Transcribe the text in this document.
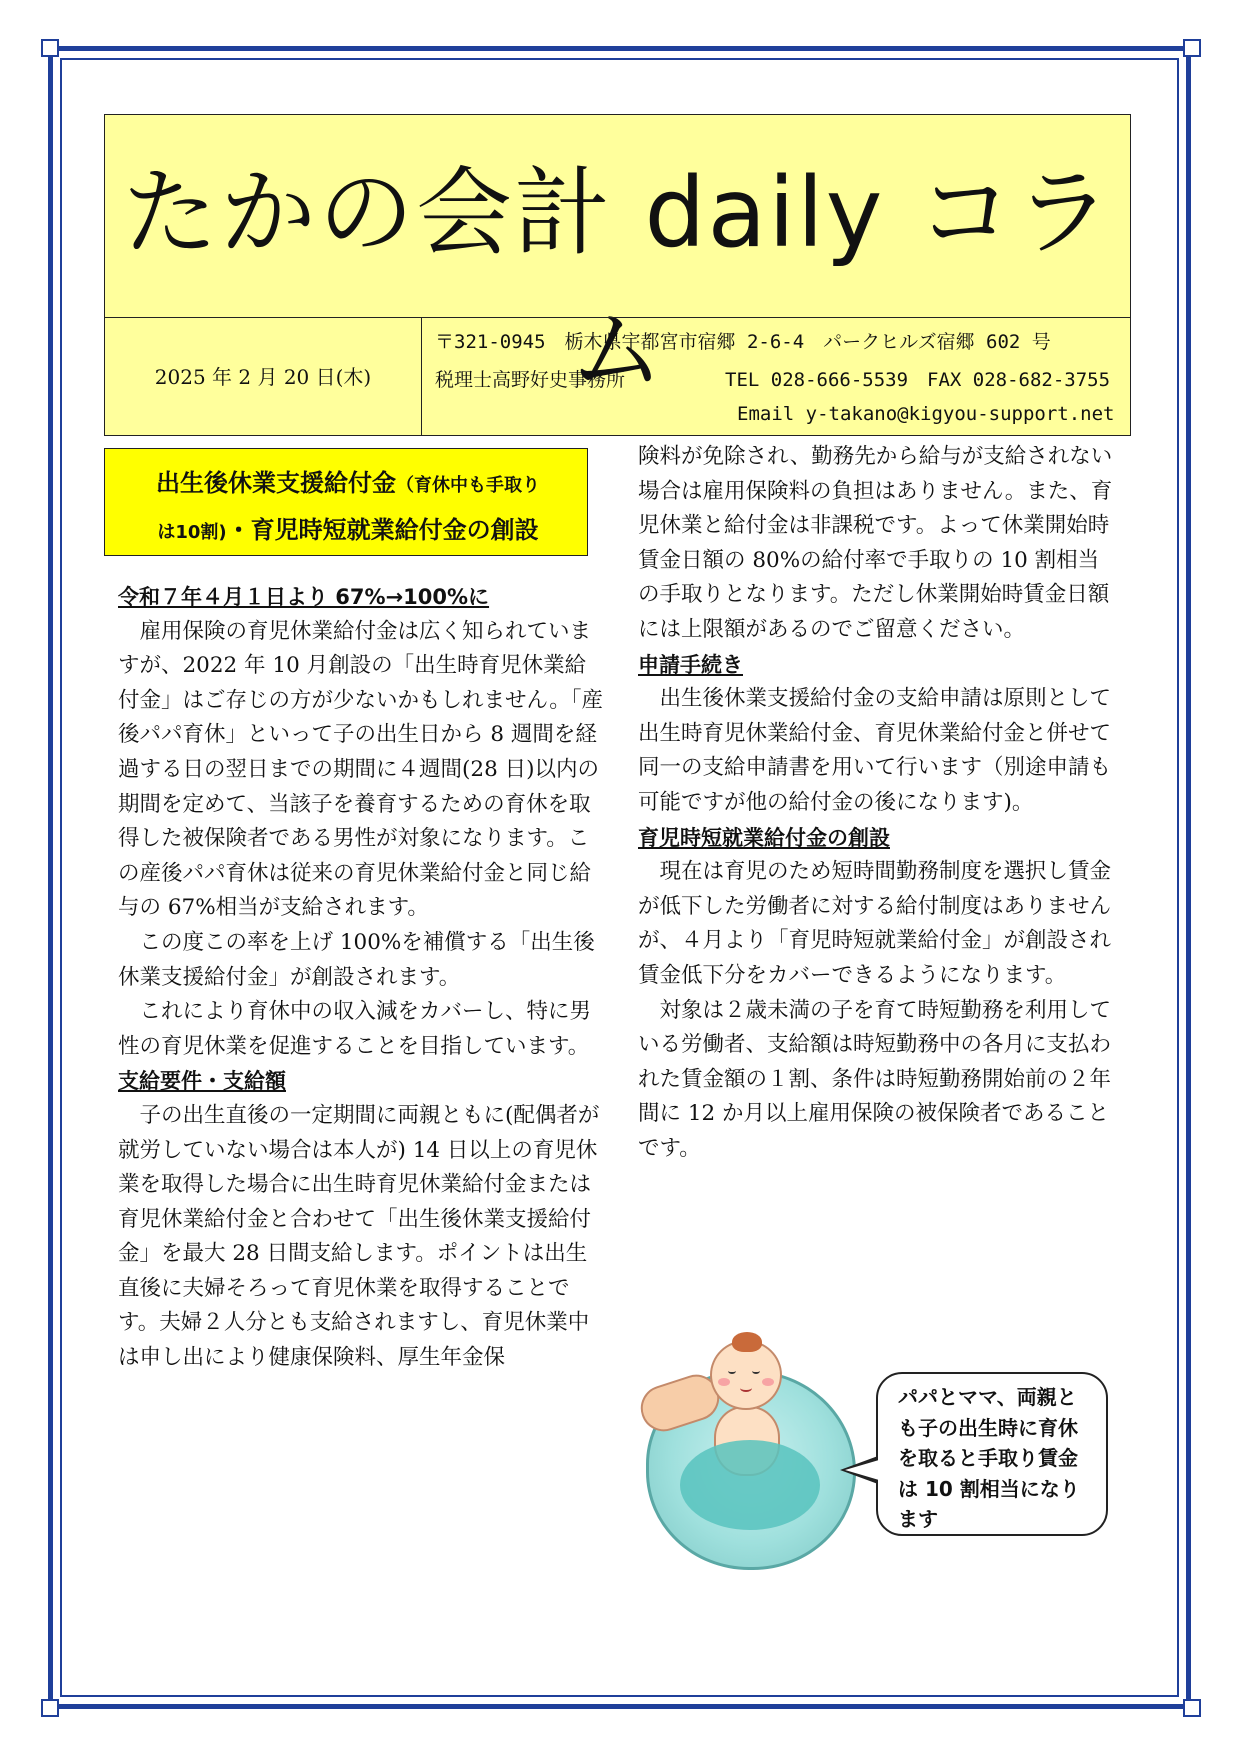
たかの会計 daily コラム
2025 年 2 月 20 日(木)
〒321-0945　栃木県宇都宮市宿郷 2-6-4　パークヒルズ宿郷 602 号
税理士高野好史事務所	TEL 028-666-5539　FAX 028-682-3755
Email y-takano@kigyou-support.net
出生後休業支援給付金（育休中も手取り
は10割)・育児時短就業給付金の創設

令和７年４月１日より 67%→100%に

雇用保険の育児休業給付金は広く知られていますが、2022 年 10 月創設の「出生時育児休業給付金」はご存じの方が少ないかもしれません。「産後パパ育休」といって子の出生日から 8 週間を経過する日の翌日までの期間に４週間(28 日)以内の期間を定めて、当該子を養育するための育休を取得した被保険者である男性が対象になります。この産後パパ育休は従来の育児休業給付金と同じ給与の 67%相当が支給されます。

この度この率を上げ 100%を補償する「出生後休業支援給付金」が創設されます。

これにより育休中の収入減をカバーし、特に男性の育児休業を促進することを目指しています。

支給要件・支給額

子の出生直後の一定期間に両親ともに(配偶者が就労していない場合は本人が) 14 日以上の育児休業を取得した場合に出生時育児休業給付金または育児休業給付金と合わせて「出生後休業支援給付金」を最大 28 日間支給します。ポイントは出生直後に夫婦そろって育児休業を取得することです。夫婦２人分とも支給されますし、育児休業中は申し出により健康保険料、厚生年金保

険料が免除され、勤務先から給与が支給されない場合は雇用保険料の負担はありません。また、育児休業と給付金は非課税です。よって休業開始時賃金日額の 80%の給付率で手取りの 10 割相当の手取りとなります。ただし休業開始時賃金日額には上限額があるのでご留意ください。

申請手続き

出生後休業支援給付金の支給申請は原則として出生時育児休業給付金、育児休業給付金と併せて同一の支給申請書を用いて行います（別途申請も可能ですが他の給付金の後になります)。

育児時短就業給付金の創設

現在は育児のため短時間勤務制度を選択し賃金が低下した労働者に対する給付制度はありませんが、４月より「育児時短就業給付金」が創設され賃金低下分をカバーできるようになります。

対象は２歳未満の子を育て時短勤務を利用している労働者、支給額は時短勤務中の各月に支払われた賃金額の１割、条件は時短勤務開始前の２年間に 12 か月以上雇用保険の被保険者であることです。

パパとママ、両親とも子の出生時に育休を取ると手取り賃金は 10 割相当になります
